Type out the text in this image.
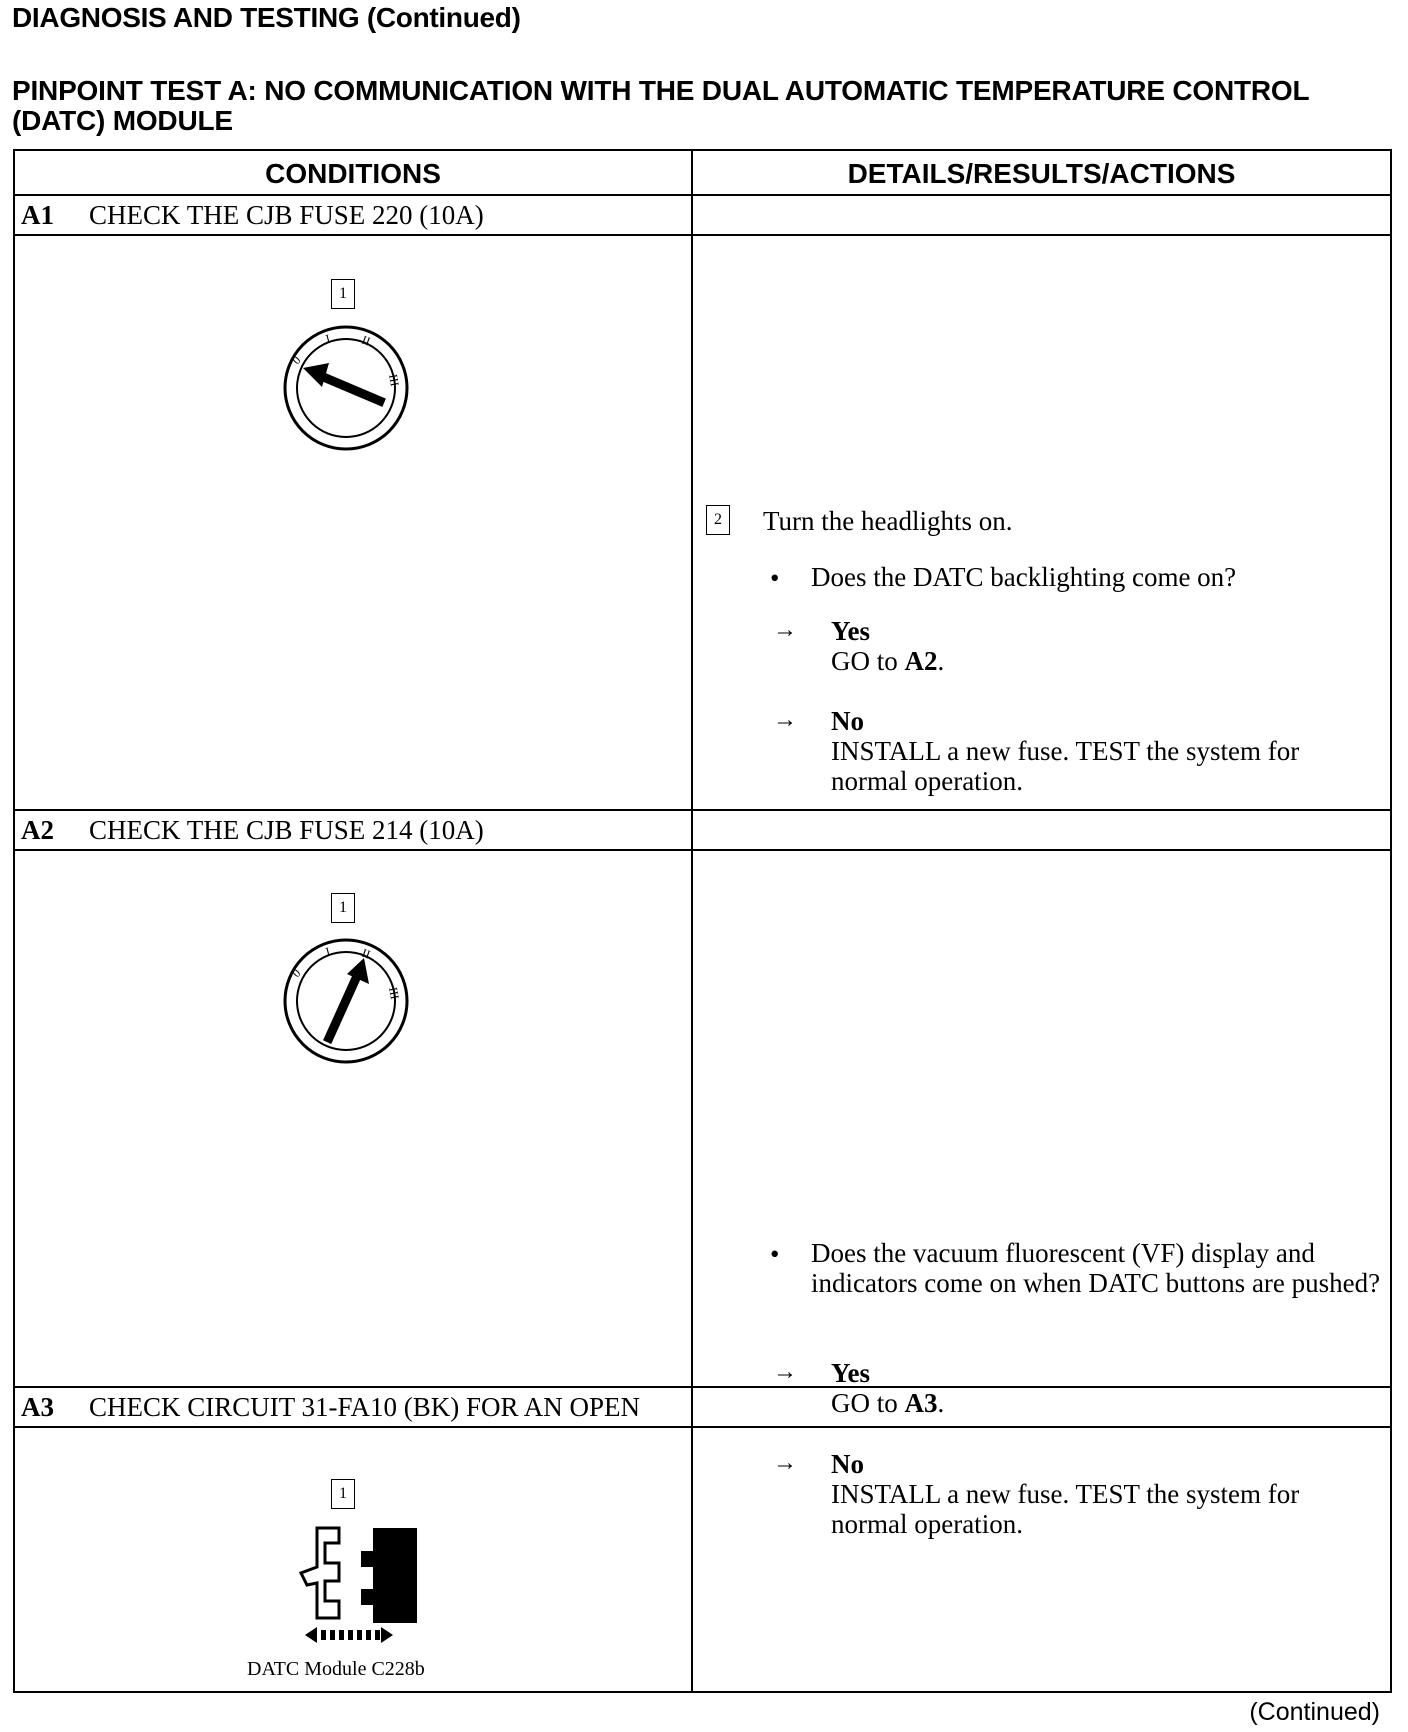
DIAGNOSIS AND TESTING (Continued)
PINPOINT TEST A: NO COMMUNICATION WITH THE DUAL AUTOMATIC TEMPERATURE CONTROL (DATC) MODULE
CONDITIONS	DETAILS/RESULTS/ACTIONS
A1 CHECK THE CJB FUSE 220 (10A)
1
0
I II
III
2 Turn the headlights on.
• Does the DATC backlighting come on?
→ Yes
GO to A2.
→ No
INSTALL a new fuse. TEST the system for normal operation.
A2 CHECK THE CJB FUSE 214 (10A)
1
0
I II
III
• Does the vacuum fluorescent (VF) display and indicators come on when DATC buttons are pushed?
→ Yes
GO to A3.
→ No
INSTALL a new fuse. TEST the system for normal operation.
A3 CHECK CIRCUIT 31-FA10 (BK) FOR AN OPEN
1
DATC Module C228b
(Continued)
